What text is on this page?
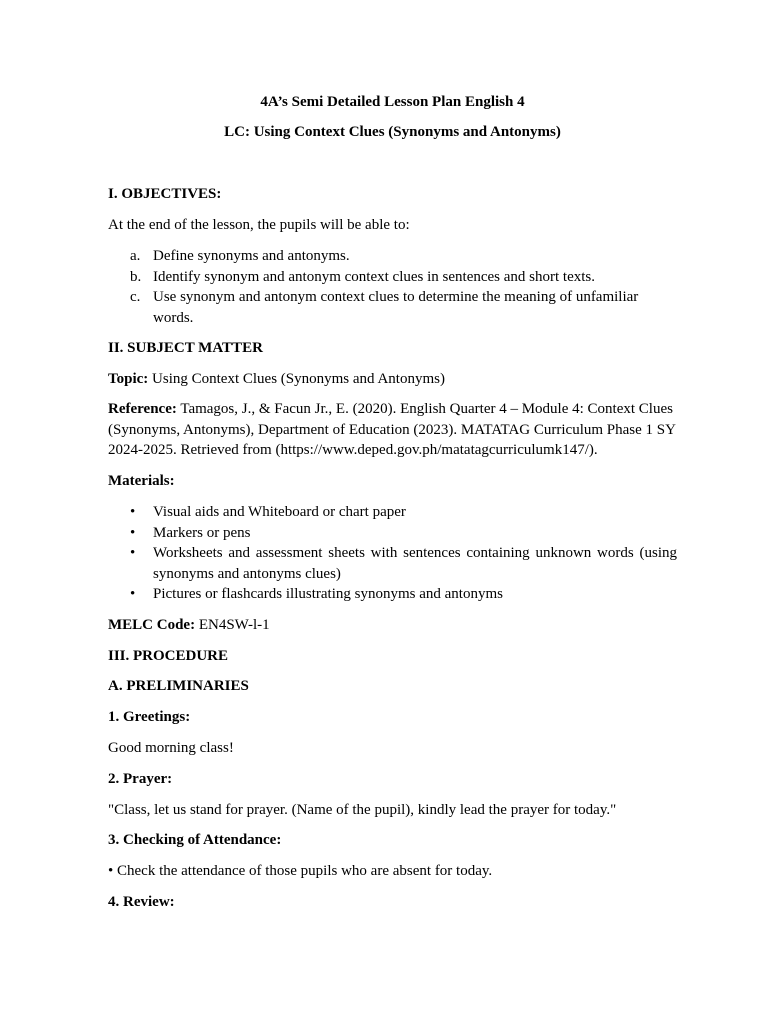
4A’s Semi Detailed Lesson Plan English 4

LC: Using Context Clues (Synonyms and Antonyms)

I. OBJECTIVES:

At the end of the lesson, the pupils will be able to:

a. Define synonyms and antonyms.
b. Identify synonym and antonym context clues in sentences and short texts.
c. Use synonym and antonym context clues to determine the meaning of unfamiliar words.

II. SUBJECT MATTER

Topic: Using Context Clues (Synonyms and Antonyms)

Reference: Tamagos, J., & Facun Jr., E. (2020). English Quarter 4 – Module 4: Context Clues (Synonyms, Antonyms), Department of Education (2023). MATATAG Curriculum Phase 1 SY 2024-2025. Retrieved from (https://www.deped.gov.ph/matatagcurriculumk147/).

Materials:

• Visual aids and Whiteboard or chart paper
• Markers or pens
• Worksheets and assessment sheets with sentences containing unknown words (using synonyms and antonyms clues)
• Pictures or flashcards illustrating synonyms and antonyms

MELC Code: EN4SW-l-1

III. PROCEDURE

A. PRELIMINARIES

1. Greetings:

Good morning class!

2. Prayer:

"Class, let us stand for prayer. (Name of the pupil), kindly lead the prayer for today."

3. Checking of Attendance:

• Check the attendance of those pupils who are absent for today.

4. Review:
